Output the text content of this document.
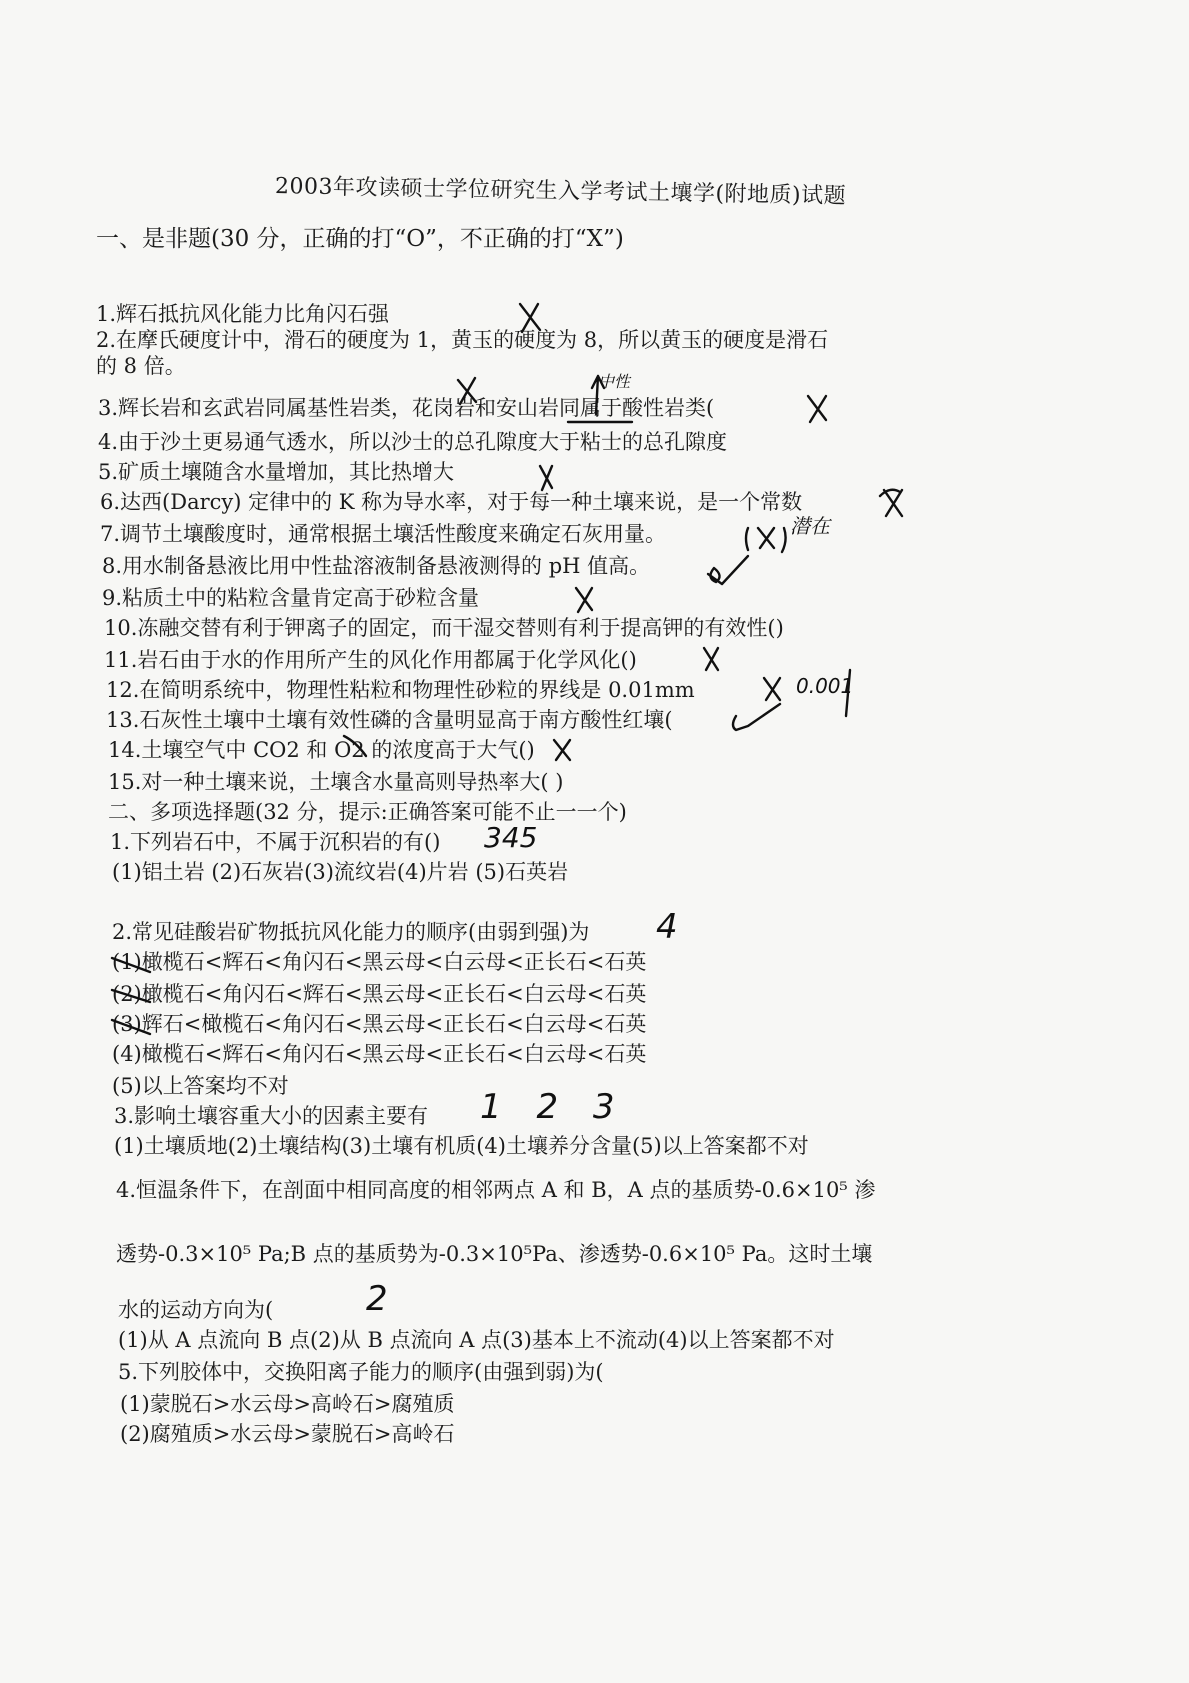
2003年攻读硕士学位研究生入学考试土壤学(附地质)试题
一、是非题(30 分，正确的打“O”，不正确的打“X”)
1.辉石抵抗风化能力比角闪石强
2.在摩氏硬度计中，滑石的硬度为 1，黄玉的硬度为 8，所以黄玉的硬度是滑石
的 8 倍。
3.辉长岩和玄武岩同属基性岩类，花岗岩和安山岩同属于酸性岩类(
4.由于沙土更易通气透水，所以沙士的总孔隙度大于粘士的总孔隙度
5.矿质土壤随含水量增加，其比热增大
6.达西(Darcy) 定律中的 K 称为导水率，对于每一种土壤来说，是一个常数
7.调节土壤酸度时，通常根据土壤活性酸度来确定石灰用量。
8.用水制备悬液比用中性盐溶液制备悬液测得的 pH 值高。
9.粘质土中的粘粒含量肯定高于砂粒含量
10.冻融交替有利于钾离子的固定，而干湿交替则有利于提高钾的有效性()
11.岩石由于水的作用所产生的风化作用都属于化学风化()
12.在简明系统中，物理性粘粒和物理性砂粒的界线是 0.01mm
13.石灰性土壤中土壤有效性磷的含量明显高于南方酸性红壤(
14.土壤空气中 CO2 和 O2 的浓度高于大气()
15.对一种土壤来说，土壤含水量高则导热率大( )
二、多项选择题(32 分，提示:正确答案可能不止一一个)
1.下列岩石中，不属于沉积岩的有()
(1)铝土岩 (2)石灰岩(3)流纹岩(4)片岩 (5)石英岩
2.常见硅酸岩矿物抵抗风化能力的顺序(由弱到强)为
(1)橄榄石<辉石<角闪石<黑云母<白云母<正长石<石英
(2)橄榄石<角闪石<辉石<黑云母<正长石<白云母<石英
(3)辉石<橄榄石<角闪石<黑云母<正长石<白云母<石英
(4)橄榄石<辉石<角闪石<黑云母<正长石<白云母<石英
(5)以上答案均不对
3.影响土壤容重大小的因素主要有
(1)土壤质地(2)土壤结构(3)土壤有机质(4)土壤养分含量(5)以上答案都不对
4.恒温条件下，在剖面中相同高度的相邻两点 A 和 B，A 点的基质势-0.6×10⁵ 渗
透势-0.3×10⁵ Pa;B 点的基质势为-0.3×10⁵Pa、渗透势-0.6×10⁵ Pa。这时土壤
水的运动方向为(
(1)从 A 点流向 B 点(2)从 B 点流向 A 点(3)基本上不流动(4)以上答案都不对
5.下列胶体中，交换阳离子能力的顺序(由强到弱)为(
(1)蒙脱石>水云母>高岭石>腐殖质
(2)腐殖质>水云母>蒙脱石>高岭石
中性
潜在
0.001
345
4
1 2 3
2
